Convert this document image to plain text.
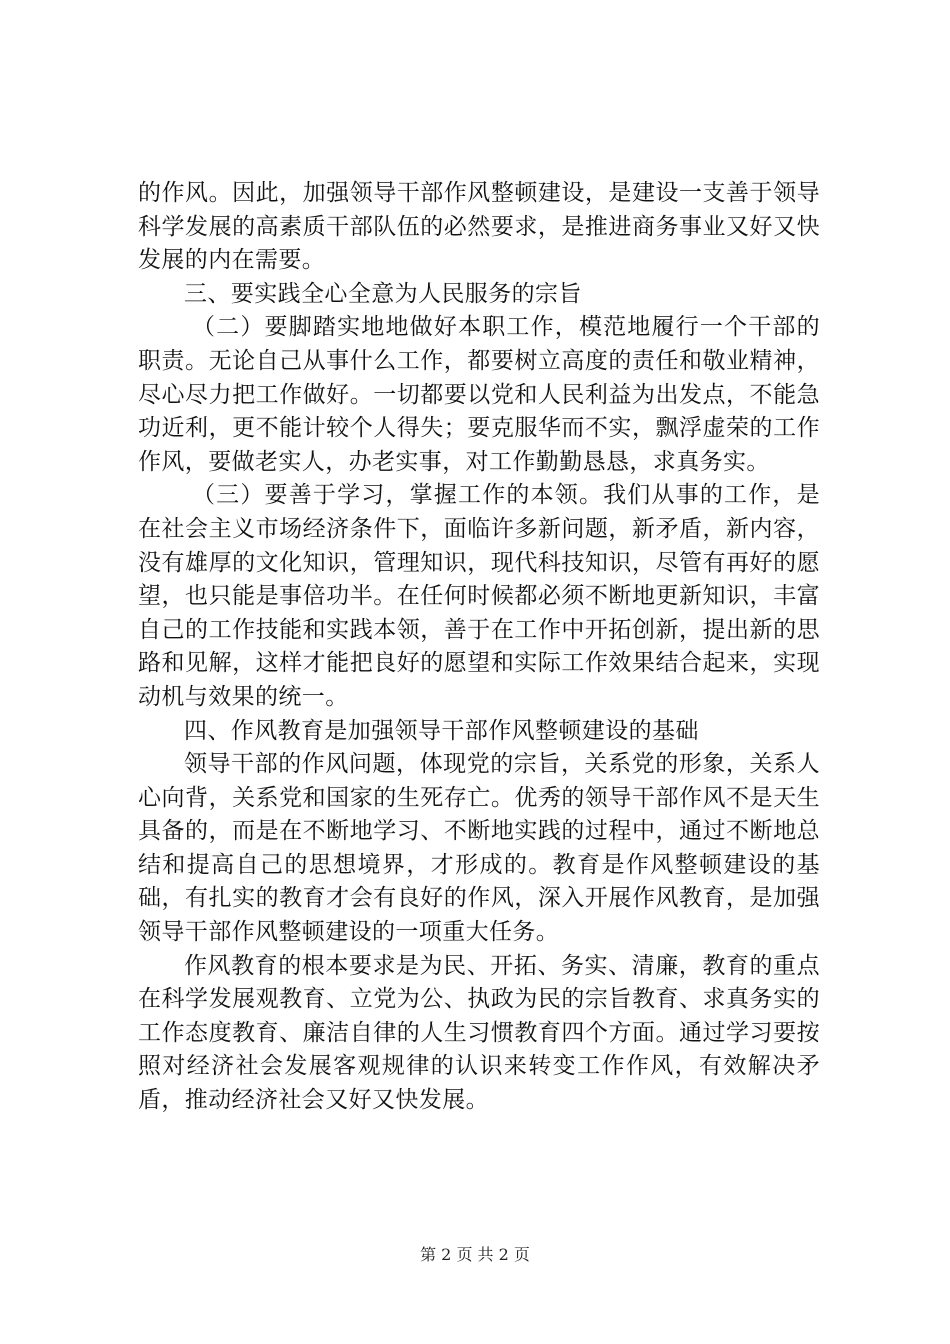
的作风。因此，加强领导干部作风整顿建设，是建设一支善于领导科学发展的高素质干部队伍的必然要求，是推进商务事业又好又快发展的内在需要。

三、要实践全心全意为人民服务的宗旨

（二）要脚踏实地地做好本职工作，模范地履行一个干部的职责。无论自己从事什么工作，都要树立高度的责任和敬业精神，尽心尽力把工作做好。一切都要以党和人民利益为出发点，不能急功近利，更不能计较个人得失；要克服华而不实，飘浮虚荣的工作作风，要做老实人，办老实事，对工作勤勤恳恳，求真务实。

（三）要善于学习，掌握工作的本领。我们从事的工作，是在社会主义市场经济条件下，面临许多新问题，新矛盾，新内容，没有雄厚的文化知识，管理知识，现代科技知识，尽管有再好的愿望，也只能是事倍功半。在任何时候都必须不断地更新知识，丰富自己的工作技能和实践本领，善于在工作中开拓创新，提出新的思路和见解，这样才能把良好的愿望和实际工作效果结合起来，实现动机与效果的统一。

四、作风教育是加强领导干部作风整顿建设的基础

领导干部的作风问题，体现党的宗旨，关系党的形象，关系人心向背，关系党和国家的生死存亡。优秀的领导干部作风不是天生具备的，而是在不断地学习、不断地实践的过程中，通过不断地总结和提高自己的思想境界，才形成的。教育是作风整顿建设的基础，有扎实的教育才会有良好的作风，深入开展作风教育，是加强领导干部作风整顿建设的一项重大任务。

作风教育的根本要求是为民、开拓、务实、清廉，教育的重点在科学发展观教育、立党为公、执政为民的宗旨教育、求真务实的工作态度教育、廉洁自律的人生习惯教育四个方面。通过学习要按照对经济社会发展客观规律的认识来转变工作作风，有效解决矛盾，推动经济社会又好又快发展。

第 2 页 共 2 页
